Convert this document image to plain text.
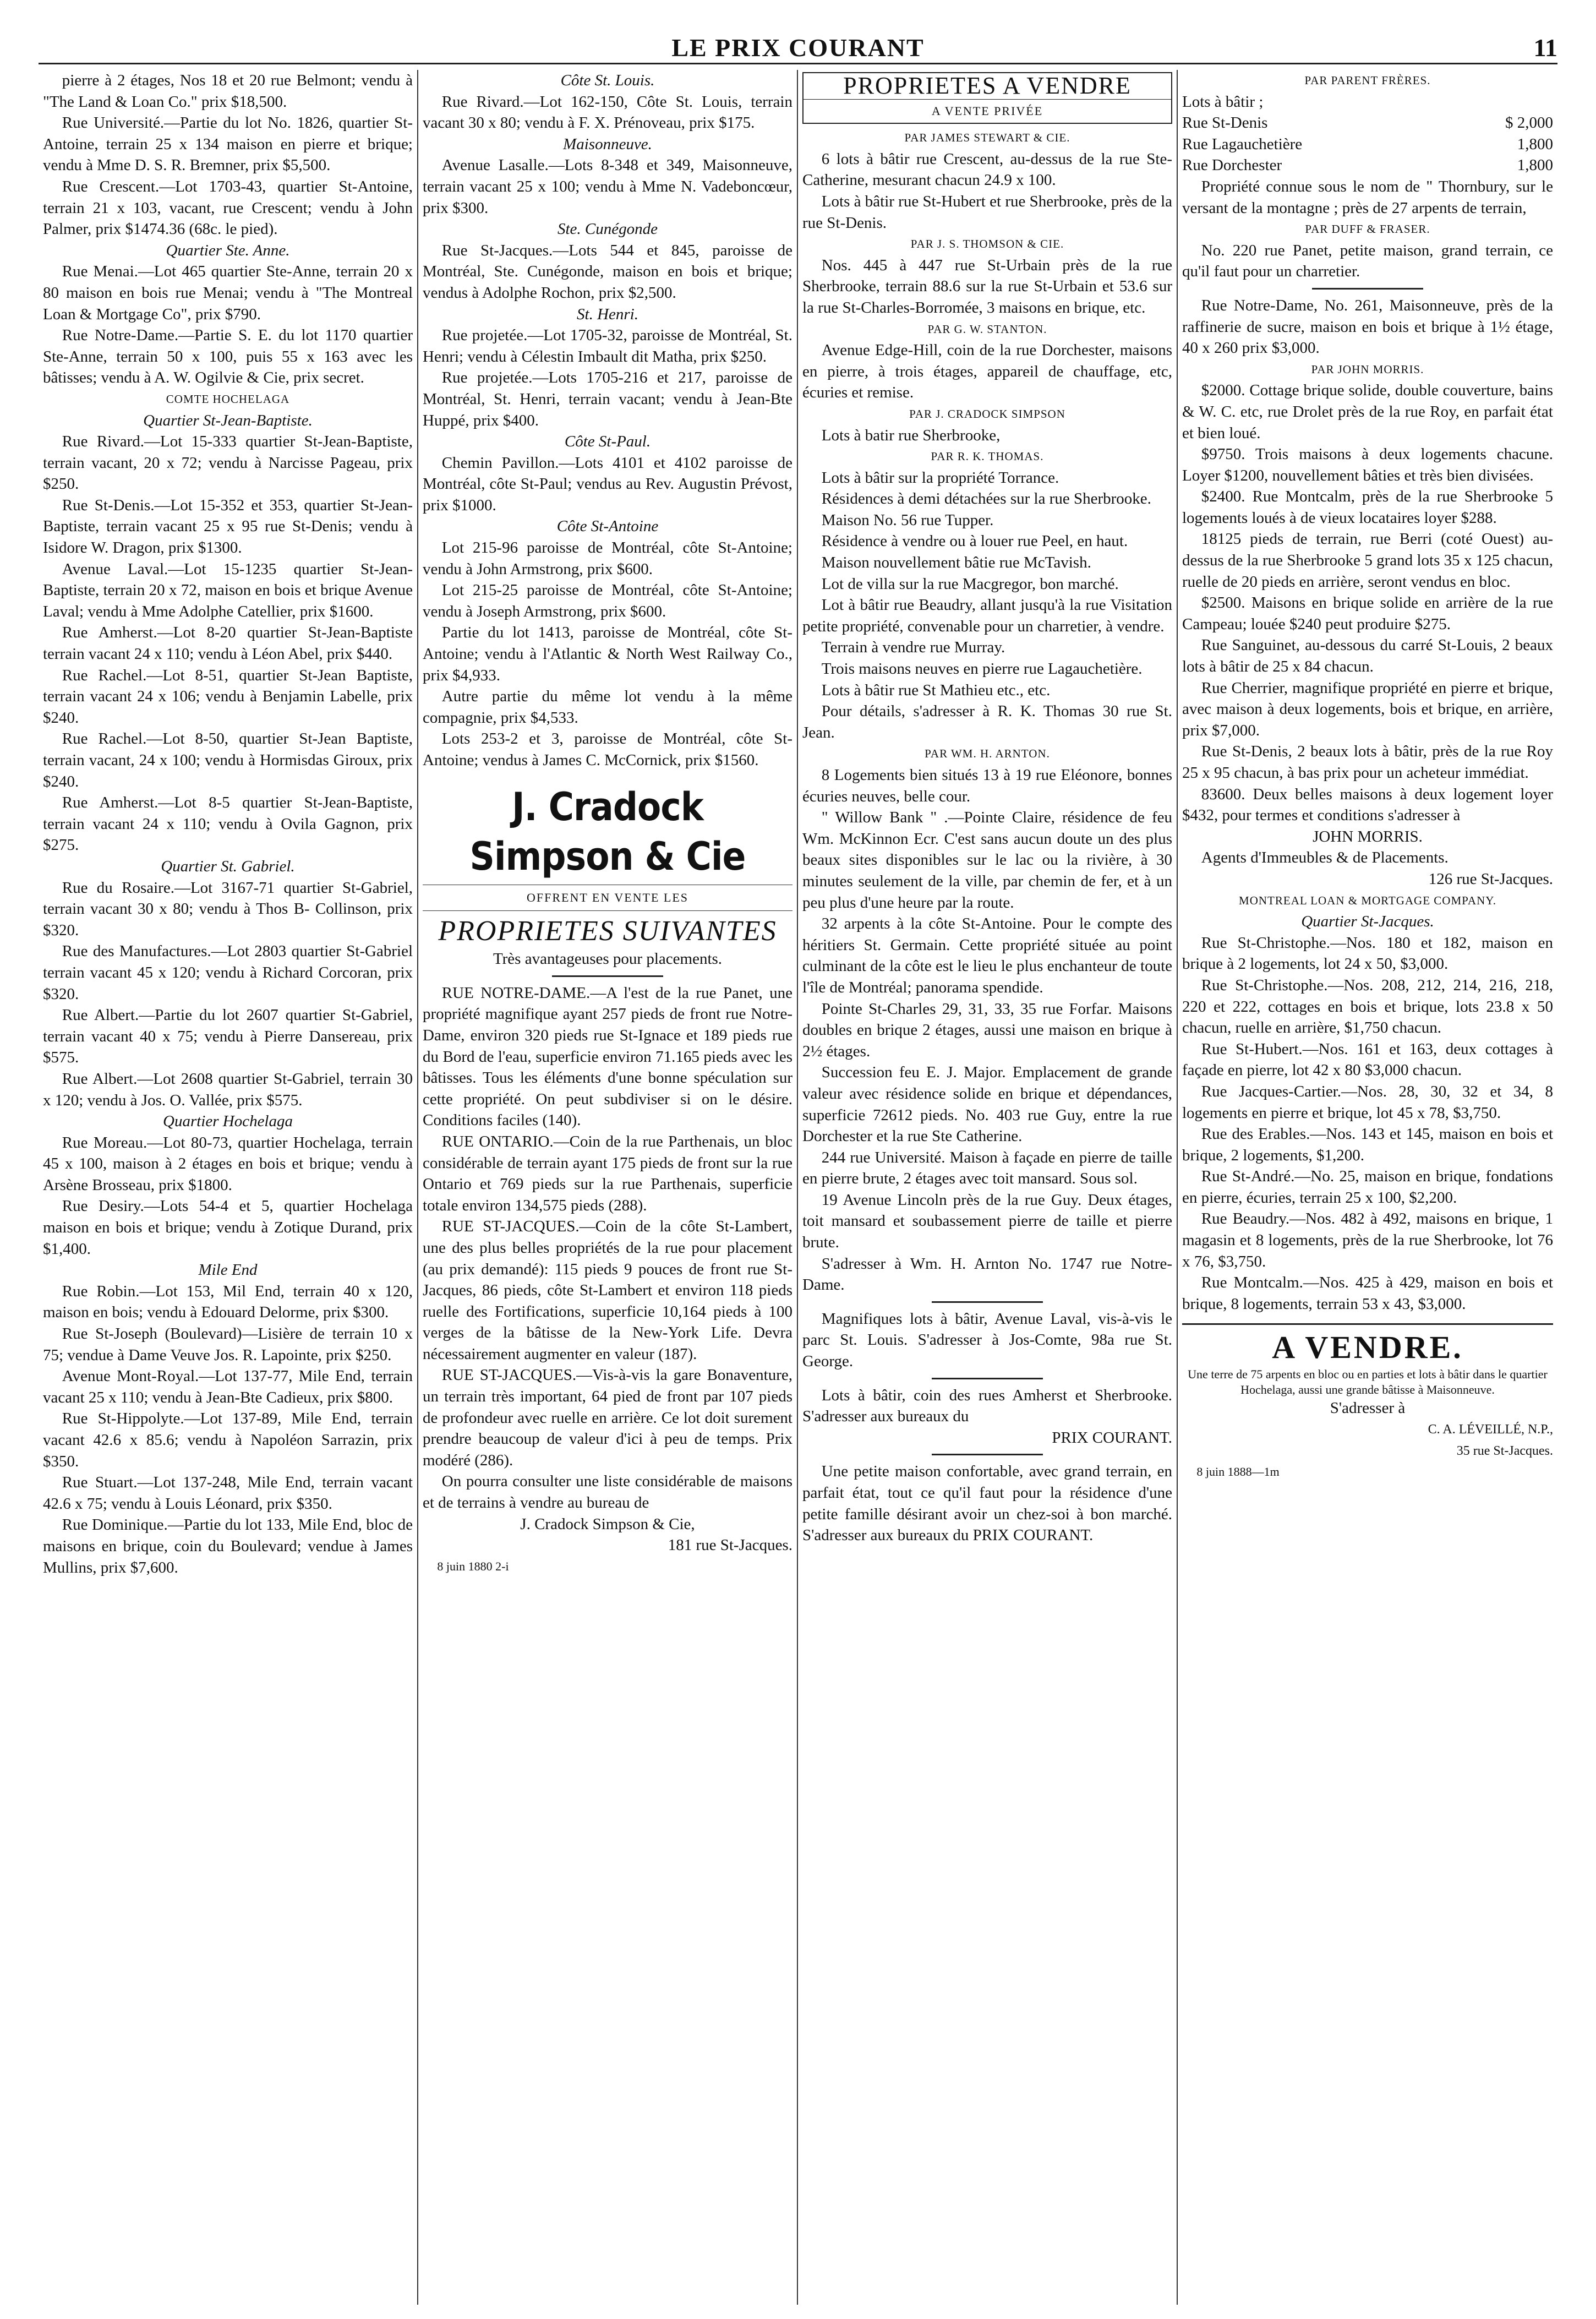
LE PRIX COURANT	11

pierre à 2 étages, Nos 18 et 20 rue Belmont; vendu à "The Land & Loan Co." prix $18,500.

Rue Université.—Partie du lot No. 1826, quartier St-Antoine, terrain 25 x 134 maison en pierre et brique; vendu à Mme D. S. R. Bremner, prix $5,500.

Rue Crescent.—Lot 1703-43, quartier St-Antoine, terrain 21 x 103, vacant, rue Crescent; vendu à John Palmer, prix $1474.36 (68c. le pied).

Quartier Ste. Anne.

Rue Menai.—Lot 465 quartier Ste-Anne, terrain 20 x 80 maison en bois rue Menai; vendu à "The Montreal Loan & Mortgage Co", prix $790.

Rue Notre-Dame.—Partie S. E. du lot 1170 quartier Ste-Anne, terrain 50 x 100, puis 55 x 163 avec les bâtisses; vendu à A. W. Ogilvie & Cie, prix secret.

COMTE HOCHELAGA

Quartier St-Jean-Baptiste.

Rue Rivard.—Lot 15-333 quartier St-Jean-Baptiste, terrain vacant, 20 x 72; vendu à Narcisse Pageau, prix $250.

Rue St-Denis.—Lot 15-352 et 353, quartier St-Jean-Baptiste, terrain vacant 25 x 95 rue St-Denis; vendu à Isidore W. Dragon, prix $1300.

Avenue Laval.—Lot 15-1235 quartier St-Jean-Baptiste, terrain 20 x 72, maison en bois et brique Avenue Laval; vendu à Mme Adolphe Catellier, prix $1600.

Rue Amherst.—Lot 8-20 quartier St-Jean-Baptiste terrain vacant 24 x 110; vendu à Léon Abel, prix $440.

Rue Rachel.—Lot 8-51, quartier St-Jean Baptiste, terrain vacant 24 x 106; vendu à Benjamin Labelle, prix $240.

Rue Rachel.—Lot 8-50, quartier St-Jean Baptiste, terrain vacant, 24 x 100; vendu à Hormisdas Giroux, prix $240.

Rue Amherst.—Lot 8-5 quartier St-Jean-Baptiste, terrain vacant 24 x 110; vendu à Ovila Gagnon, prix $275.

Quartier St. Gabriel.

Rue du Rosaire.—Lot 3167-71 quartier St-Gabriel, terrain vacant 30 x 80; vendu à Thos B- Collinson, prix $320.

Rue des Manufactures.—Lot 2803 quartier St-Gabriel terrain vacant 45 x 120; vendu à Richard Corcoran, prix $320.

Rue Albert.—Partie du lot 2607 quartier St-Gabriel, terrain vacant 40 x 75; vendu à Pierre Dansereau, prix $575.

Rue Albert.—Lot 2608 quartier St-Gabriel, terrain 30 x 120; vendu à Jos. O. Vallée, prix $575.

Quartier Hochelaga

Rue Moreau.—Lot 80-73, quartier Hochelaga, terrain 45 x 100, maison à 2 étages en bois et brique; vendu à Arsène Brosseau, prix $1800.

Rue Desiry.—Lots 54-4 et 5, quartier Hochelaga maison en bois et brique; vendu à Zotique Durand, prix $1,400.

Mile End

Rue Robin.—Lot 153, Mil End, terrain 40 x 120, maison en bois; vendu à Edouard Delorme, prix $300.

Rue St-Joseph (Boulevard)—Lisière de terrain 10 x 75; vendue à Dame Veuve Jos. R. Lapointe, prix $250.

Avenue Mont-Royal.—Lot 137-77, Mile End, terrain vacant 25 x 110; vendu à Jean-Bte Cadieux, prix $800.

Rue St-Hippolyte.—Lot 137-89, Mile End, terrain vacant 42.6 x 85.6; vendu à Napoléon Sarrazin, prix $350.

Rue Stuart.—Lot 137-248, Mile End, terrain vacant 42.6 x 75; vendu à Louis Léonard, prix $350.

Rue Dominique.—Partie du lot 133, Mile End, bloc de maisons en brique, coin du Boulevard; vendue à James Mullins, prix $7,600.

Côte St. Louis.

Rue Rivard.—Lot 162-150, Côte St. Louis, terrain vacant 30 x 80; vendu à F. X. Prénoveau, prix $175.

Maisonneuve.

Avenue Lasalle.—Lots 8-348 et 349, Maisonneuve, terrain vacant 25 x 100; vendu à Mme N. Vadeboncœur, prix $300.

Ste. Cunégonde

Rue St-Jacques.—Lots 544 et 845, paroisse de Montréal, Ste. Cunégonde, maison en bois et brique; vendus à Adolphe Rochon, prix $2,500.

St. Henri.

Rue projetée.—Lot 1705-32, paroisse de Montréal, St. Henri; vendu à Célestin Imbault dit Matha, prix $250.

Rue projetée.—Lots 1705-216 et 217, paroisse de Montréal, St. Henri, terrain vacant; vendu à Jean-Bte Huppé, prix $400.

Côte St-Paul.

Chemin Pavillon.—Lots 4101 et 4102 paroisse de Montréal, côte St-Paul; vendus au Rev. Augustin Prévost, prix $1000.

Côte St-Antoine

Lot 215-96 paroisse de Montréal, côte St-Antoine; vendu à John Armstrong, prix $600.

Lot 215-25 paroisse de Montréal, côte St-Antoine; vendu à Joseph Armstrong, prix $600.

Partie du lot 1413, paroisse de Montréal, côte St-Antoine; vendu à l'Atlantic & North West Railway Co., prix $4,933.

Autre partie du même lot vendu à la même compagnie, prix $4,533.

Lots 253-2 et 3, paroisse de Montréal, côte St-Antoine; vendus à James C. McCornick, prix $1560.

J. Cradock Simpson & Cie
OFFRENT EN VENTE LES
PROPRIETES SUIVANTES

Très avantageuses pour placements.

RUE NOTRE-DAME.—A l'est de la rue Panet, une propriété magnifique ayant 257 pieds de front rue Notre-Dame, environ 320 pieds rue St-Ignace et 189 pieds rue du Bord de l'eau, superficie environ 71.165 pieds avec les bâtisses. Tous les éléments d'une bonne spéculation sur cette propriété. On peut subdiviser si on le désire. Conditions faciles (140).

RUE ONTARIO.—Coin de la rue Parthenais, un bloc considérable de terrain ayant 175 pieds de front sur la rue Ontario et 769 pieds sur la rue Parthenais, superficie totale environ 134,575 pieds (288).

RUE ST-JACQUES.—Coin de la côte St-Lambert, une des plus belles propriétés de la rue pour placement (au prix demandé): 115 pieds 9 pouces de front rue St-Jacques, 86 pieds, côte St-Lambert et environ 118 pieds ruelle des Fortifications, superficie 10,164 pieds à 100 verges de la bâtisse de la New-York Life. Devra nécessairement augmenter en valeur (187).

RUE ST-JACQUES.—Vis-à-vis la gare Bonaventure, un terrain très important, 64 pied de front par 107 pieds de profondeur avec ruelle en arrière. Ce lot doit surement prendre beaucoup de valeur d'ici à peu de temps. Prix modéré (286).

On pourra consulter une liste considérable de maisons et de terrains à vendre au bureau de

J. Cradock Simpson & Cie,

181 rue St-Jacques.

8 juin 1880 2-i

PROPRIETES A VENDRE
A VENTE PRIVÉE

PAR JAMES STEWART & CIE.

6 lots à bâtir rue Crescent, au-dessus de la rue Ste-Catherine, mesurant chacun 24.9 x 100.

Lots à bâtir rue St-Hubert et rue Sherbrooke, près de la rue St-Denis.

PAR J. S. THOMSON & CIE.

Nos. 445 à 447 rue St-Urbain près de la rue Sherbrooke, terrain 88.6 sur la rue St-Urbain et 53.6 sur la rue St-Charles-Borromée, 3 maisons en brique, etc.

PAR G. W. STANTON.

Avenue Edge-Hill, coin de la rue Dorchester, maisons en pierre, à trois étages, appareil de chauffage, etc, écuries et remise.

PAR J. CRADOCK SIMPSON

Lots à batir rue Sherbrooke,

PAR R. K. THOMAS.

Lots à bâtir sur la propriété Torrance.

Résidences à demi détachées sur la rue Sherbrooke.

Maison No. 56 rue Tupper.

Résidence à vendre ou à louer rue Peel, en haut.

Maison nouvellement bâtie rue McTavish.

Lot de villa sur la rue Macgregor, bon marché.

Lot à bâtir rue Beaudry, allant jusqu'à la rue Visitation petite propriété, convenable pour un charretier, à vendre.

Terrain à vendre rue Murray.

Trois maisons neuves en pierre rue Lagauchetière.

Lots à bâtir rue St Mathieu etc., etc.

Pour détails, s'adresser à R. K. Thomas 30 rue St. Jean.

PAR WM. H. ARNTON.

8 Logements bien situés 13 à 19 rue Eléonore, bonnes écuries neuves, belle cour.

" Willow Bank " .—Pointe Claire, résidence de feu Wm. McKinnon Ecr. C'est sans aucun doute un des plus beaux sites disponibles sur le lac ou la rivière, à 30 minutes seulement de la ville, par chemin de fer, et à un peu plus d'une heure par la route.

32 arpents à la côte St-Antoine. Pour le compte des héritiers St. Germain. Cette propriété située au point culminant de la côte est le lieu le plus enchanteur de toute l'île de Montréal; panorama spendide.

Pointe St-Charles 29, 31, 33, 35 rue Forfar. Maisons doubles en brique 2 étages, aussi une maison en brique à 2½ étages.

Succession feu E. J. Major. Emplacement de grande valeur avec résidence solide en brique et dépendances, superficie 72612 pieds. No. 403 rue Guy, entre la rue Dorchester et la rue Ste Catherine.

244 rue Université. Maison à façade en pierre de taille en pierre brute, 2 étages avec toit mansard. Sous sol.

19 Avenue Lincoln près de la rue Guy. Deux étages, toit mansard et soubassement pierre de taille et pierre brute.

S'adresser à Wm. H. Arnton No. 1747 rue Notre-Dame.

Magnifiques lots à bâtir, Avenue Laval, vis-à-vis le parc St. Louis. S'adresser à Jos-Comte, 98a rue St. George.

Lots à bâtir, coin des rues Amherst et Sherbrooke. S'adresser aux bureaux du

PRIX COURANT.

Une petite maison confortable, avec grand terrain, en parfait état, tout ce qu'il faut pour la résidence d'une petite famille désirant avoir un chez-soi à bon marché. S'adresser aux bureaux du PRIX COURANT.

PAR PARENT FRÈRES.

Lots à bâtir ;
Rue St-Denis	$ 2,000
Rue Lagauchetière	1,800
Rue Dorchester	1,800

Propriété connue sous le nom de " Thornbury, sur le versant de la montagne ; près de 27 arpents de terrain,

PAR DUFF & FRASER.

No. 220 rue Panet, petite maison, grand terrain, ce qu'il faut pour un charretier.

Rue Notre-Dame, No. 261, Maisonneuve, près de la raffinerie de sucre, maison en bois et brique à 1½ étage, 40 x 260 prix $3,000.

PAR JOHN MORRIS.

$2000. Cottage brique solide, double couverture, bains & W. C. etc, rue Drolet près de la rue Roy, en parfait état et bien loué.

$9750. Trois maisons à deux logements chacune. Loyer $1200, nouvellement bâties et très bien divisées.

$2400. Rue Montcalm, près de la rue Sherbrooke 5 logements loués à de vieux locataires loyer $288.

18125 pieds de terrain, rue Berri (coté Ouest) au-dessus de la rue Sherbrooke 5 grand lots 35 x 125 chacun, ruelle de 20 pieds en arrière, seront vendus en bloc.

$2500. Maisons en brique solide en arrière de la rue Campeau; louée $240 peut produire $275.

Rue Sanguinet, au-dessous du carré St-Louis, 2 beaux lots à bâtir de 25 x 84 chacun.

Rue Cherrier, magnifique propriété en pierre et brique, avec maison à deux logements, bois et brique, en arrière, prix $7,000.

Rue St-Denis, 2 beaux lots à bâtir, près de la rue Roy 25 x 95 chacun, à bas prix pour un acheteur immédiat.

83600. Deux belles maisons à deux logement loyer $432, pour termes et conditions s'adresser à

JOHN MORRIS.

Agents d'Immeubles & de Placements.

126 rue St-Jacques.

MONTREAL LOAN & MORTGAGE COMPANY.

Quartier St-Jacques.

Rue St-Christophe.—Nos. 180 et 182, maison en brique à 2 logements, lot 24 x 50, $3,000.

Rue St-Christophe.—Nos. 208, 212, 214, 216, 218, 220 et 222, cottages en bois et brique, lots 23.8 x 50 chacun, ruelle en arrière, $1,750 chacun.

Rue St-Hubert.—Nos. 161 et 163, deux cottages à façade en pierre, lot 42 x 80 $3,000 chacun.

Rue Jacques-Cartier.—Nos. 28, 30, 32 et 34, 8 logements en pierre et brique, lot 45 x 78, $3,750.

Rue des Erables.—Nos. 143 et 145, maison en bois et brique, 2 logements, $1,200.

Rue St-André.—No. 25, maison en brique, fondations en pierre, écuries, terrain 25 x 100, $2,200.

Rue Beaudry.—Nos. 482 à 492, maisons en brique, 1 magasin et 8 logements, près de la rue Sherbrooke, lot 76 x 76, $3,750.

Rue Montcalm.—Nos. 425 à 429, maison en bois et brique, 8 logements, terrain 53 x 43, $3,000.

A VENDRE.

Une terre de 75 arpents en bloc ou en parties et lots à bâtir dans le quartier Hochelaga, aussi une grande bâtisse à Maisonneuve.

S'adresser à

C. A. LÉVEILLÉ, N.P.,

35 rue St-Jacques.

8 juin 1888—1m
